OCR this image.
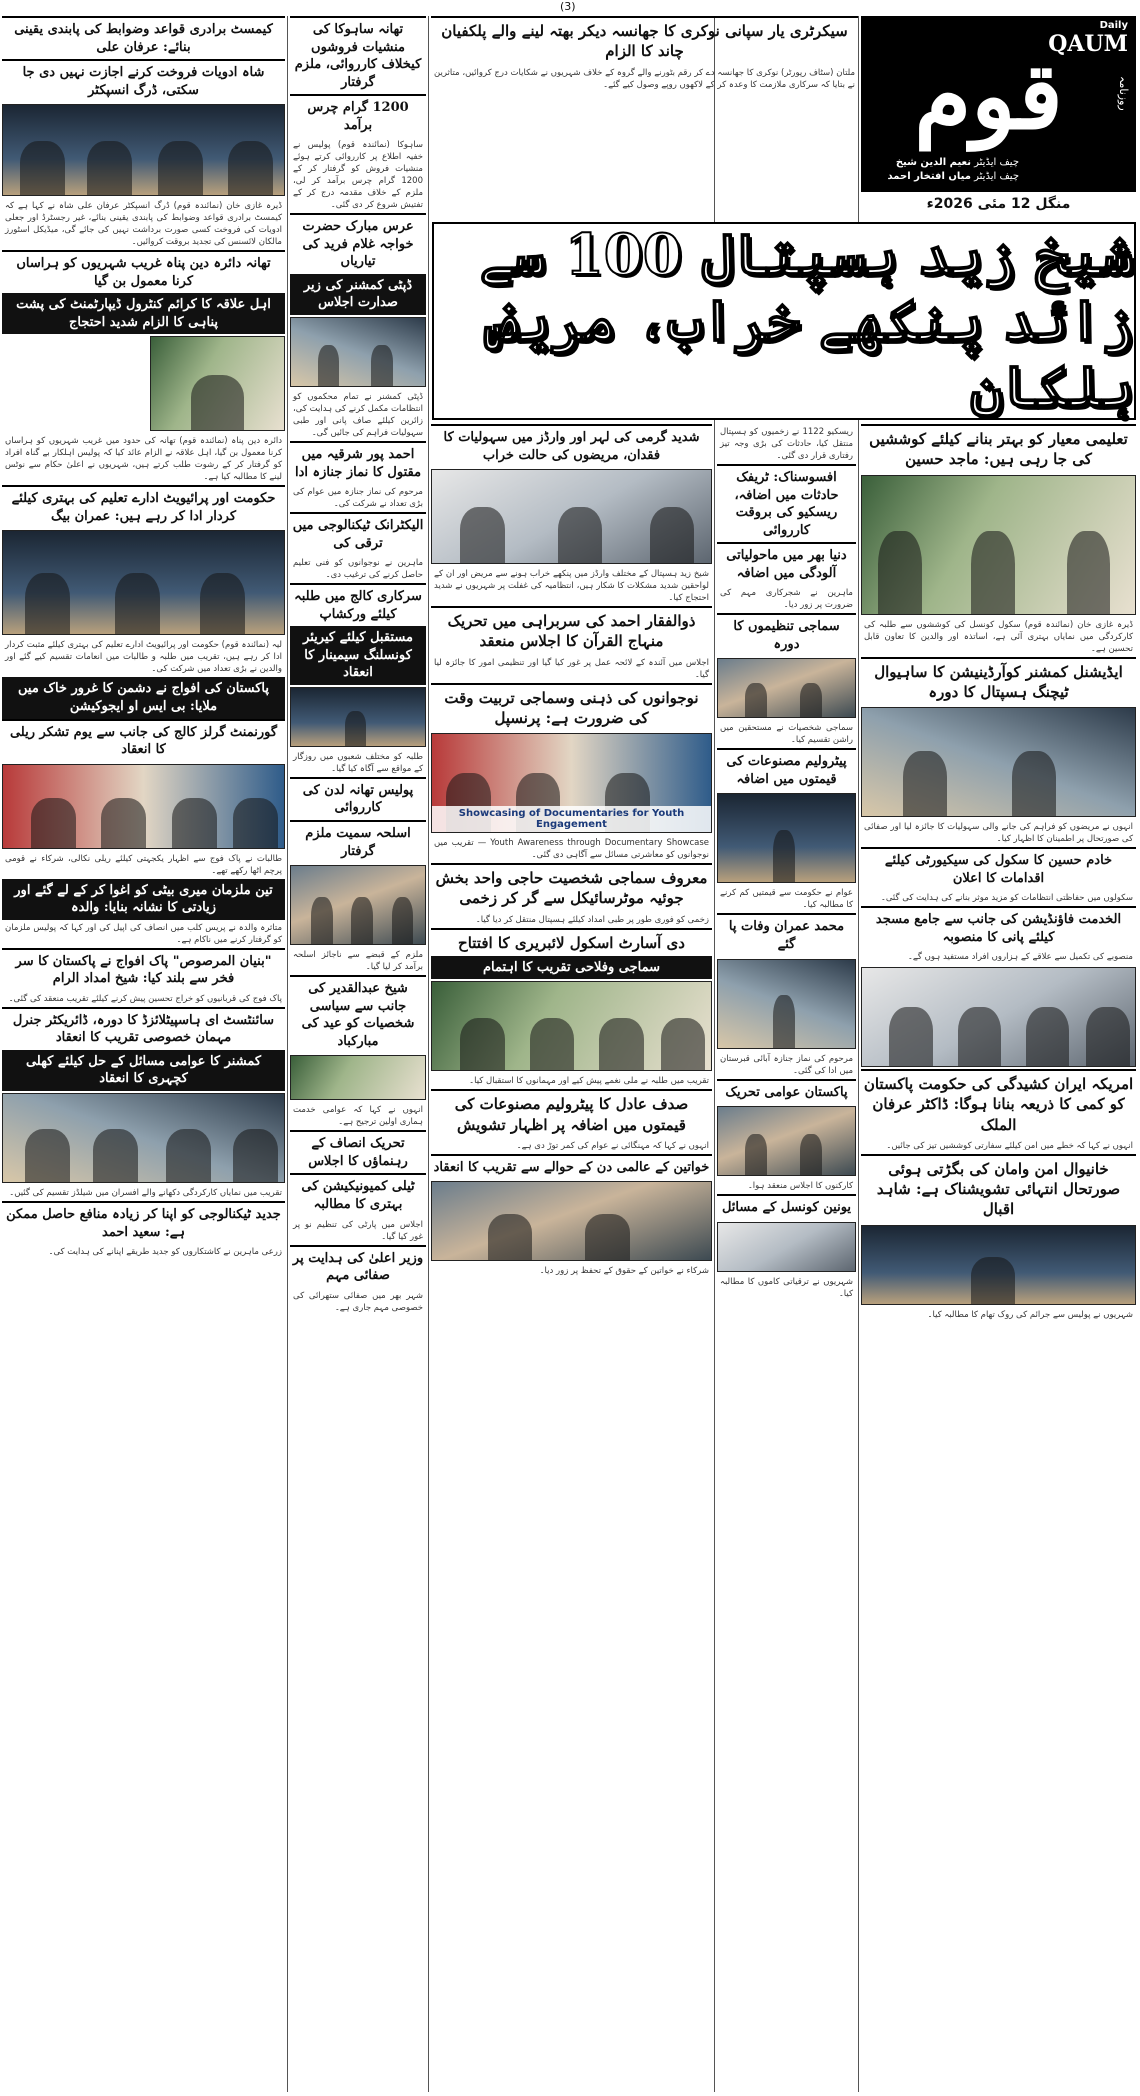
(3)
Daily
QAUM
قوم	روزنامہ
چیف ایڈیٹر نعیم الدین شیخ
چیف ایڈیٹر میاں افتخار احمد
منگل 12 مئی 2026ء
شیخ زید ہسپتال 100 سے زائد پنکھے خراب، مریض ہلکان
تعلیمی معیار کو بہتر بنانے کیلئے کوششیں کی جا رہی ہیں: ماجد حسین
ڈیرہ غازی خان (نمائندہ قوم) سکول کونسل کی کوششوں سے طلبہ کی کارکردگی میں نمایاں بہتری آئی ہے، اساتذہ اور والدین کا تعاون قابل تحسین ہے۔
ایڈیشنل کمشنر کوآرڈینیشن کا ساہیوال ٹیچنگ ہسپتال کا دورہ
انہوں نے مریضوں کو فراہم کی جانے والی سہولیات کا جائزہ لیا اور صفائی کی صورتحال پر اطمینان کا اظہار کیا۔
خادم حسین کا سکول کی سیکیورٹی کیلئے اقدامات کا اعلان
سکولوں میں حفاظتی انتظامات کو مزید موثر بنانے کی ہدایت کی گئی۔
الخدمت فاؤنڈیشن کی جانب سے جامع مسجد کیلئے پانی کا منصوبہ
منصوبے کی تکمیل سے علاقے کے ہزاروں افراد مستفید ہوں گے۔
امریکہ ایران کشیدگی کی حکومت پاکستان کو کمی کا ذریعہ بنانا ہوگا: ڈاکٹر عرفان الملک
انہوں نے کہا کہ خطے میں امن کیلئے سفارتی کوششیں تیز کی جائیں۔
خانیوال امن وامان کی بگڑتی ہوئی صورتحال انتہائی تشویشناک ہے: شاہد اقبال
شہریوں نے پولیس سے جرائم کی روک تھام کا مطالبہ کیا۔
ریسکیو 1122 نے زخمیوں کو ہسپتال منتقل کیا، حادثات کی بڑی وجہ تیز رفتاری قرار دی گئی۔
افسوسناک: ٹریفک حادثات میں اضافہ، ریسکیو کی بروقت کارروائی
دنیا بھر میں ماحولیاتی آلودگی میں اضافہ
ماہرین نے شجرکاری مہم کی ضرورت پر زور دیا۔
سماجی تنظیموں کا دورہ
سماجی شخصیات نے مستحقین میں راشن تقسیم کیا۔
پیٹرولیم مصنوعات کی قیمتوں میں اضافہ
عوام نے حکومت سے قیمتیں کم کرنے کا مطالبہ کیا۔
محمد عمران وفات پا گئے
مرحوم کی نماز جنازہ آبائی قبرستان میں ادا کی گئی۔
پاکستان عوامی تحریک
کارکنوں کا اجلاس منعقد ہوا۔
یونین کونسل کے مسائل
شہریوں نے ترقیاتی کاموں کا مطالبہ کیا۔
سیکرٹری یار سپانی نوکری کا جھانسہ دیکر بھتہ لینے والے پلکفیان چاند کا الزام
ملتان (سٹاف رپورٹر) نوکری کا جھانسہ دے کر رقم بٹورنے والے گروہ کے خلاف شہریوں نے شکایات درج کروائیں، متاثرین نے بتایا کہ سرکاری ملازمت کا وعدہ کر کے لاکھوں روپے وصول کیے گئے۔
شدید گرمی کی لہر اور وارڈز میں سہولیات کا فقدان، مریضوں کی حالت خراب
شیخ زید ہسپتال کے مختلف وارڈز میں پنکھے خراب ہونے سے مریض اور ان کے لواحقین شدید مشکلات کا شکار ہیں، انتظامیہ کی غفلت پر شہریوں نے شدید احتجاج کیا۔
ذوالفقار احمد کی سربراہی میں تحریک منہاج القرآن کا اجلاس منعقد
اجلاس میں آئندہ کے لائحہ عمل پر غور کیا گیا اور تنظیمی امور کا جائزہ لیا گیا۔
نوجوانوں کی ذہنی وسماجی تربیت وقت کی ضرورت ہے: پرنسپل
Showcasing of Documentaries for Youth Engagement
Youth Awareness through Documentary Showcase — تقریب میں نوجوانوں کو معاشرتی مسائل سے آگاہی دی گئی۔
معروف سماجی شخصیت حاجی واحد بخش جوئیہ موٹرسائیکل سے گر کر زخمی
زخمی کو فوری طور پر طبی امداد کیلئے ہسپتال منتقل کر دیا گیا۔
دی آسارٹ اسکول لائبریری کا افتتاح
سماجی وفلاحی تقریب کا اہتمام
تقریب میں طلبہ نے ملی نغمے پیش کیے اور مہمانوں کا استقبال کیا۔
صدف عادل کا پیٹرولیم مصنوعات کی قیمتوں میں اضافہ پر اظہار تشویش
انہوں نے کہا کہ مہنگائی نے عوام کی کمر توڑ دی ہے۔
خواتین کے عالمی دن کے حوالے سے تقریب کا انعقاد
شرکاء نے خواتین کے حقوق کے تحفظ پر زور دیا۔
تھانہ ساہوکا کی منشیات فروشوں کیخلاف کارروائی، ملزم گرفتار
1200 گرام چرس برآمد
ساہوکا (نمائندہ قوم) پولیس نے خفیہ اطلاع پر کارروائی کرتے ہوئے منشیات فروش کو گرفتار کر کے 1200 گرام چرس برآمد کر لی، ملزم کے خلاف مقدمہ درج کر کے تفتیش شروع کر دی گئی۔
عرس مبارک حضرت خواجہ غلام فرید کی تیاریاں
ڈپٹی کمشنر کی زیر صدارت اجلاس
ڈپٹی کمشنر نے تمام محکموں کو انتظامات مکمل کرنے کی ہدایت کی، زائرین کیلئے صاف پانی اور طبی سہولیات فراہم کی جائیں گی۔
احمد پور شرقیہ میں مقتول کا نماز جنازہ ادا
مرحوم کی نماز جنازہ میں عوام کی بڑی تعداد نے شرکت کی۔
الیکٹرانک ٹیکنالوجی میں ترقی کی
ماہرین نے نوجوانوں کو فنی تعلیم حاصل کرنے کی ترغیب دی۔
سرکاری کالج میں طلبہ کیلئے ورکشاپ
مستقبل کیلئے کیریئر کونسلنگ سیمینار کا انعقاد
طلبہ کو مختلف شعبوں میں روزگار کے مواقع سے آگاہ کیا گیا۔
پولیس تھانہ لدن کی کارروائی
اسلحہ سمیت ملزم گرفتار
ملزم کے قبضے سے ناجائز اسلحہ برآمد کر لیا گیا۔
شیخ عبدالقدیر کی جانب سے سیاسی شخصیات کو عید کی مبارکباد
انہوں نے کہا کہ عوامی خدمت ہماری اولین ترجیح ہے۔
تحریک انصاف کے رہنماؤں کا اجلاس
ٹیلی کمیونیکیشن کی بہتری کا مطالبہ
اجلاس میں پارٹی کی تنظیم نو پر غور کیا گیا۔
وزیر اعلیٰ کی ہدایت پر صفائی مہم
شہر بھر میں صفائی ستھرائی کی خصوصی مہم جاری ہے۔
کیمسٹ برادری قواعد وضوابط کی پابندی یقینی بنائے: عرفان علی
شاہ ادویات فروخت کرنے اجازت نہیں دی جا سکتی، ڈرگ انسپکٹر
ڈیرہ غازی خان (نمائندہ قوم) ڈرگ انسپکٹر عرفان علی شاہ نے کہا ہے کہ کیمسٹ برادری قواعد وضوابط کی پابندی یقینی بنائے، غیر رجسٹرڈ اور جعلی ادویات کی فروخت کسی صورت برداشت نہیں کی جائے گی، میڈیکل اسٹورز مالکان لائسنس کی تجدید بروقت کروائیں۔
تھانہ دائرہ دین پناہ غریب شہریوں کو ہراساں کرنا معمول بن گیا
اہل علاقہ کا کرائم کنٹرول ڈیپارٹمنٹ کی پشت پناہی کا الزام شدید احتجاج
دائرہ دین پناہ (نمائندہ قوم) تھانہ کی حدود میں غریب شہریوں کو ہراساں کرنا معمول بن گیا، اہل علاقہ نے الزام عائد کیا کہ پولیس اہلکار بے گناہ افراد کو گرفتار کر کے رشوت طلب کرتے ہیں، شہریوں نے اعلیٰ حکام سے نوٹس لینے کا مطالبہ کیا ہے۔
حکومت اور پرائیویٹ ادارے تعلیم کی بہتری کیلئے کردار ادا کر رہے ہیں: عمران بیگ
لیہ (نمائندہ قوم) حکومت اور پرائیویٹ ادارے تعلیم کی بہتری کیلئے مثبت کردار ادا کر رہے ہیں، تقریب میں طلبہ و طالبات میں انعامات تقسیم کیے گئے اور والدین نے بڑی تعداد میں شرکت کی۔
پاکستان کی افواج نے دشمن کا غرور خاک میں ملایا: بی ایس او ایجوکیشن
گورنمنٹ گرلز کالج کی جانب سے یوم تشکر ریلی کا انعقاد
طالبات نے پاک فوج سے اظہار یکجہتی کیلئے ریلی نکالی، شرکاء نے قومی پرچم اٹھا رکھے تھے۔
تین ملزمان میری بیٹی کو اغوا کر کے لے گئے اور زیادتی کا نشانہ بنایا: والدہ
متاثرہ والدہ نے پریس کلب میں انصاف کی اپیل کی اور کہا کہ پولیس ملزمان کو گرفتار کرنے میں ناکام ہے۔
"بنیان المرصوص" پاک افواج نے پاکستان کا سر فخر سے بلند کیا: شیخ امداد الرام
پاک فوج کی قربانیوں کو خراج تحسین پیش کرنے کیلئے تقریب منعقد کی گئی۔
سائنٹسٹ ای ہاسپیٹلائزڈ کا دورہ، ڈائریکٹر جنرل مہمان خصوصی تقریب کا انعقاد
کمشنر کا عوامی مسائل کے حل کیلئے کھلی کچہری کا انعقاد
تقریب میں نمایاں کارکردگی دکھانے والے افسران میں شیلڈز تقسیم کی گئیں۔
جدید ٹیکنالوجی کو اپنا کر زیادہ منافع حاصل ممکن ہے: سعید احمد
زرعی ماہرین نے کاشتکاروں کو جدید طریقے اپنانے کی ہدایت کی۔
